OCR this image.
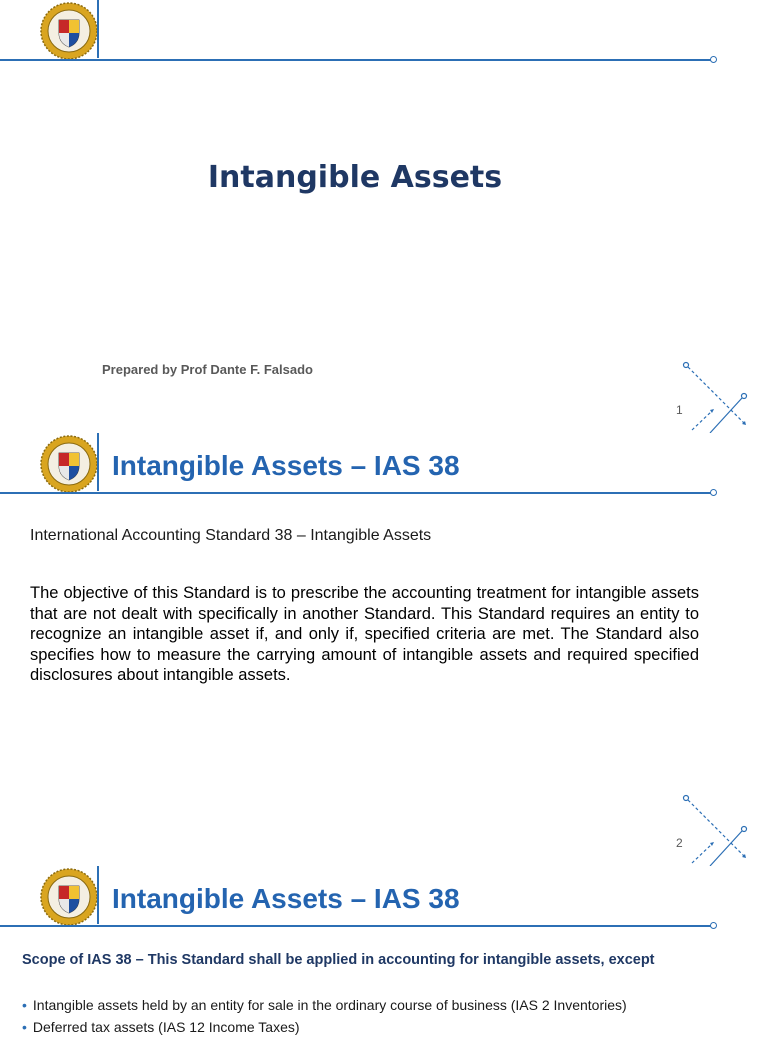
Intangible Assets
Prepared by Prof Dante F. Falsado
1
Intangible Assets – IAS 38
International Accounting Standard 38 – Intangible Assets
The objective of this Standard is to prescribe the accounting treatment for intangible assets that are not dealt with specifically in another Standard. This Standard requires an entity to recognize an intangible asset if, and only if, specified criteria are met. The Standard also specifies how to measure the carrying amount of intangible assets and required specified disclosures about intangible assets.
2
Intangible Assets – IAS 38
Scope of IAS 38 – This Standard shall be applied in accounting for intangible assets, except
• Intangible assets held by an entity for sale in the ordinary course of business (IAS 2 Inventories)
• Deferred tax assets (IAS 12 Income Taxes)
